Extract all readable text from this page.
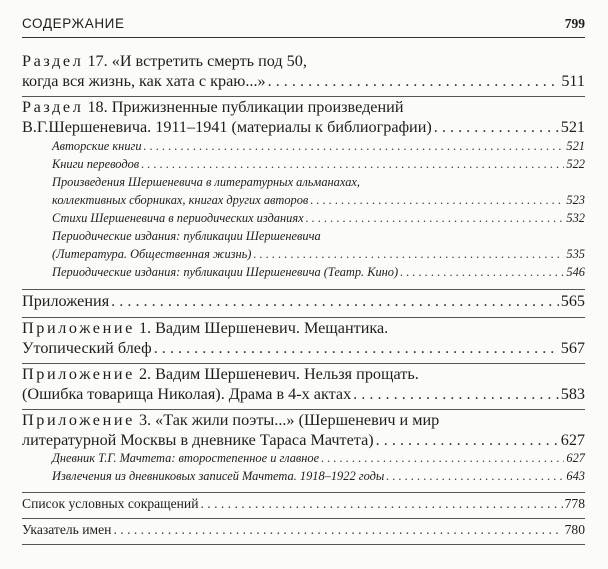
СОДЕРЖАНИЕ	799
Раздел 17. «И встретить смерть под 50,
когда вся жизнь, как хата с краю...» . . .	511
Раздел 18. Прижизненные публикации произведений
В.Г.Шершеневича. 1911–1941 (материалы к библиографии) . . .	521
Авторские книги . . .	521
Книги переводов . . .	522
Произведения Шершеневича в литературных альманахах,
коллективных сборниках, книгах других авторов . . .	523
Стихи Шершеневича в периодических изданиях . . .	532
Периодические издания: публикации Шершеневича
(Литература. Общественная жизнь) . . .	535
Периодические издания: публикации Шершеневича (Театр. Кино) . . .	546
Приложения . . .	565
Приложение 1. Вадим Шершеневич. Мещантика.
Утопический блеф . . .	567
Приложение 2. Вадим Шершеневич. Нельзя прощать.
(Ошибка товарища Николая). Драма в 4-х актах . . .	583
Приложение 3. «Так жили поэты...» (Шершеневич и мир
литературной Москвы в дневнике Тараса Мачтета) . . .	627
Дневник Т.Г. Мачтета: второстепенное и главное . . .	627
Извлечения из дневниковых записей Мачтета. 1918–1922 годы . . .	643
Список условных сокращений . . .	778
Указатель имен . . .	780
